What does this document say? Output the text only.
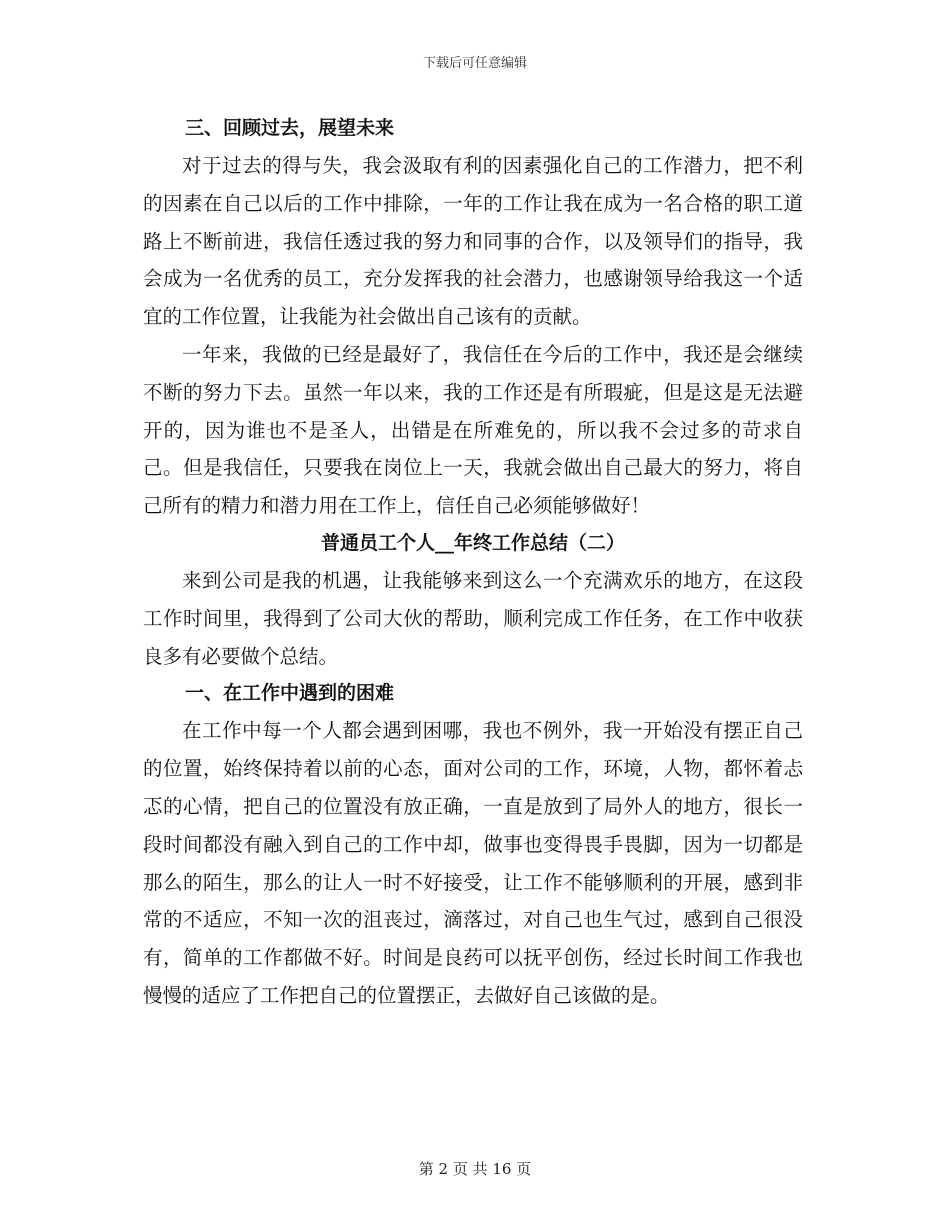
下载后可任意编辑
三、回顾过去，展望未来

对于过去的得与失，我会汲取有利的因素强化自己的工作潜力，把不利的因素在自己以后的工作中排除，一年的工作让我在成为一名合格的职工道路上不断前进，我信任透过我的努力和同事的合作，以及领导们的指导，我会成为一名优秀的员工，充分发挥我的社会潜力，也感谢领导给我这一个适宜的工作位置，让我能为社会做出自己该有的贡献。

一年来，我做的已经是最好了，我信任在今后的工作中，我还是会继续不断的努力下去。虽然一年以来，我的工作还是有所瑕疵，但是这是无法避开的，因为谁也不是圣人，出错是在所难免的，所以我不会过多的苛求自己。但是我信任，只要我在岗位上一天，我就会做出自己最大的努力，将自己所有的精力和潜力用在工作上，信任自己必须能够做好！

普通员工个人__年终工作总结（二）

来到公司是我的机遇，让我能够来到这么一个充满欢乐的地方，在这段工作时间里，我得到了公司大伙的帮助，顺利完成工作任务，在工作中收获良多有必要做个总结。

一、在工作中遇到的困难

在工作中每一个人都会遇到困哪，我也不例外，我一开始没有摆正自己的位置，始终保持着以前的心态，面对公司的工作，环境，人物，都怀着忐忑的心情，把自己的位置没有放正确，一直是放到了局外人的地方，很长一段时间都没有融入到自己的工作中却，做事也变得畏手畏脚，因为一切都是那么的陌生，那么的让人一时不好接受，让工作不能够顺利的开展，感到非常的不适应，不知一次的沮丧过，滴落过，对自己也生气过，感到自己很没有，简单的工作都做不好。时间是良药可以抚平创伤，经过长时间工作我也慢慢的适应了工作把自己的位置摆正，去做好自己该做的是。

第 2 页 共 16 页
